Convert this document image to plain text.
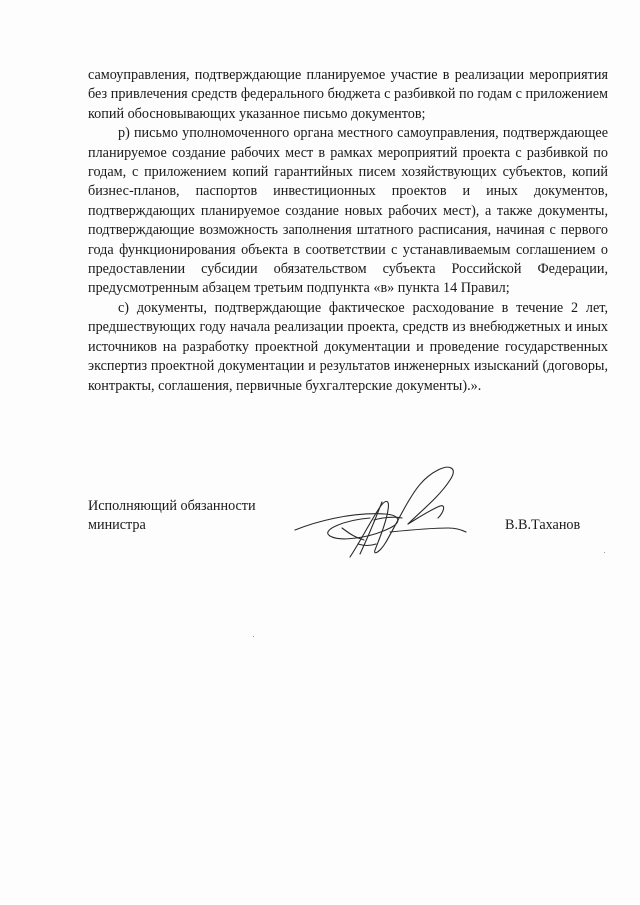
самоуправления, подтверждающие планируемое участие в реализации мероприятия без привлечения средств федерального бюджета с разбивкой по годам с приложением копий обосновывающих указанное письмо документов;

р) письмо уполномоченного органа местного самоуправления, подтверждающее планируемое создание рабочих мест в рамках мероприятий проекта с разбивкой по годам, с приложением копий гарантийных писем хозяйствующих субъектов, копий бизнес-планов, паспортов инвестиционных проектов и иных документов, подтверждающих планируемое создание новых рабочих мест), а также документы, подтверждающие возможность заполнения штатного расписания, начиная с первого года функционирования объекта в соответствии с устанавливаемым соглашением о предоставлении субсидии обязательством субъекта Российской Федерации, предусмотренным абзацем третьим подпункта «в» пункта 14 Правил;

с) документы, подтверждающие фактическое расходование в течение 2 лет, предшествующих году начала реализации проекта, средств из внебюджетных и иных источников на разработку проектной документации и проведение государственных экспертиз проектной документации и результатов инженерных изысканий (договоры, контракты, соглашения, первичные бухгалтерские документы).».

Исполняющий обязанности
министра	В.В.Таханов
